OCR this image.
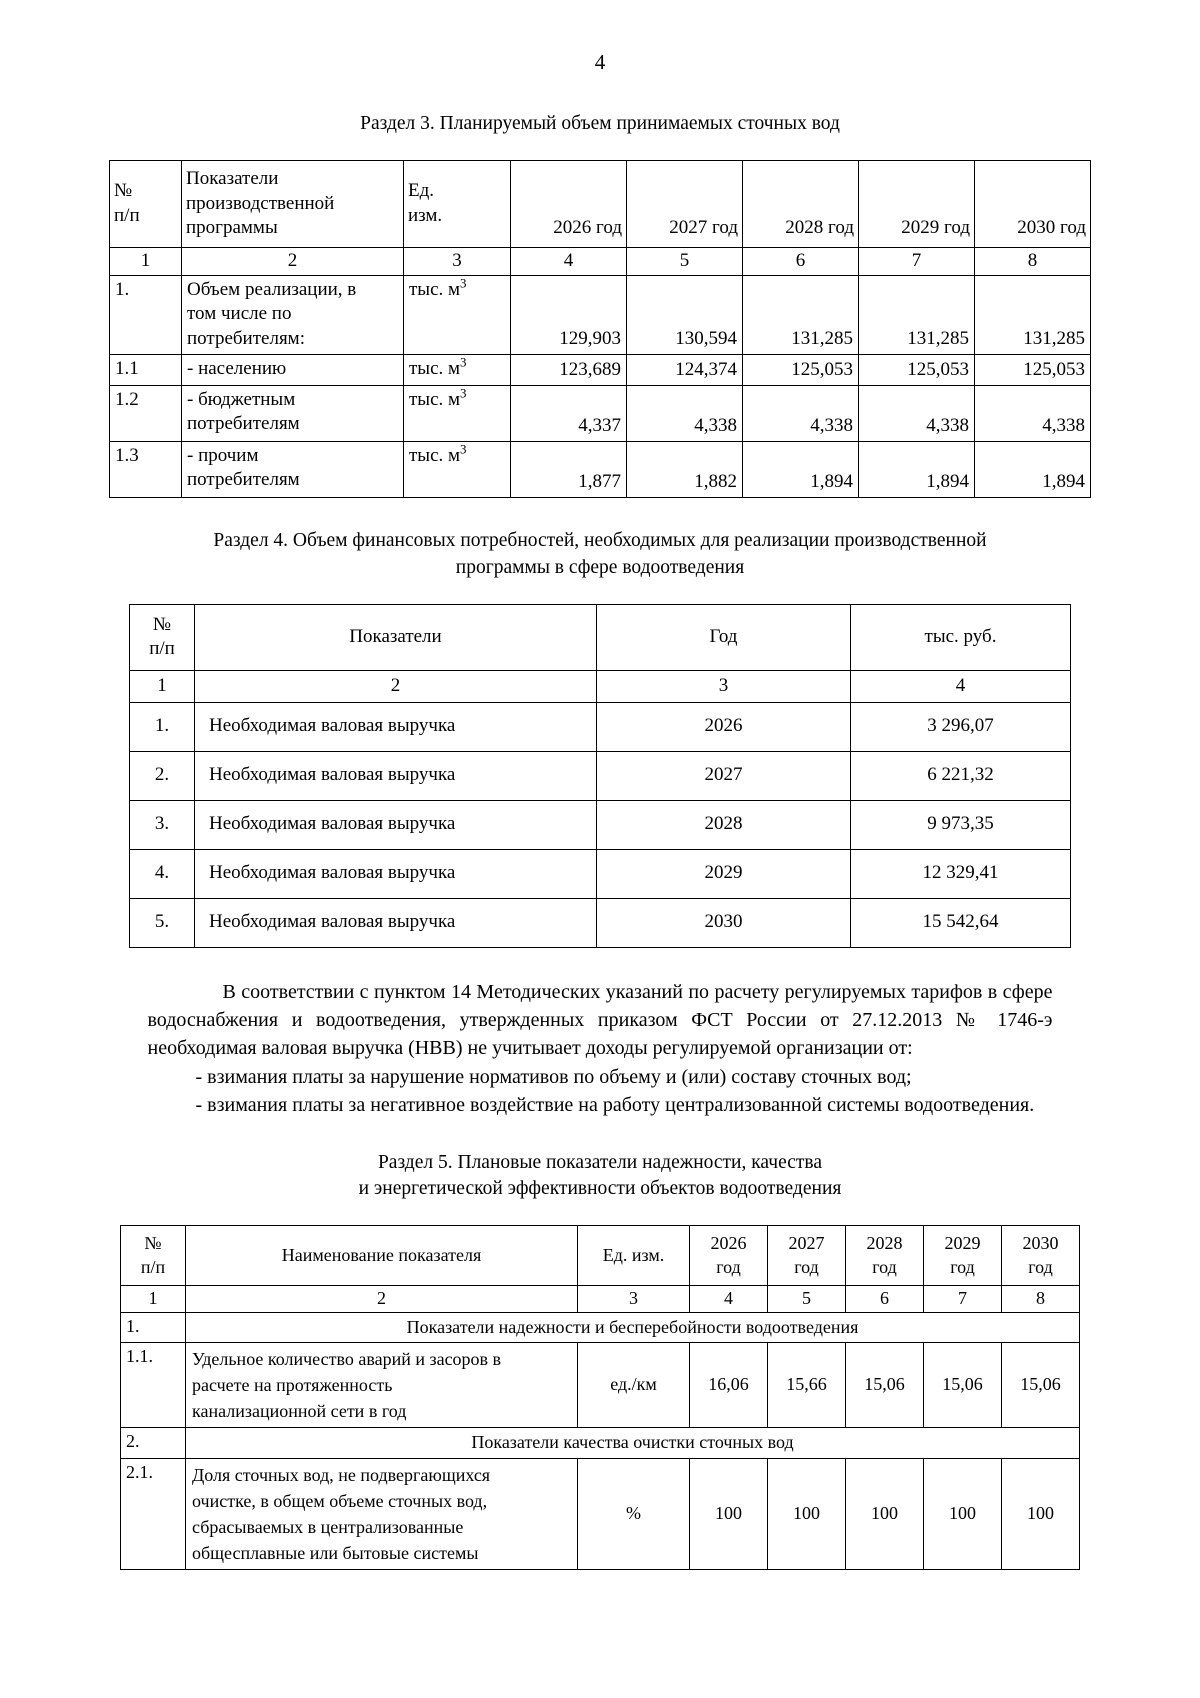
4
Раздел 3. Планируемый объем принимаемых сточных вод
№
п/п	Показатели
производственной
программы	Ед.
изм.	2026 год	2027 год	2028 год	2029 год	2030 год
1	2	3	4	5	6	7	8
1.	Объем реализации, в
том числе по
потребителям:	тыс. $м^3$	129,903	130,594	131,285	131,285	131,285
1.1	- населению	тыс. $м^3$	123,689	124,374	125,053	125,053	125,053
1.2	- бюджетным
потребителям	тыс. $м^3$	4,337	4,338	4,338	4,338	4,338
1.3	- прочим
потребителям	тыс. $м^3$	1,877	1,882	1,894	1,894	1,894
Раздел 4. Объем финансовых потребностей, необходимых для реализации производственной
программы в сфере водоотведения
№
п/п	Показатели	Год	тыс. руб.
1	2	3	4
1.	Необходимая валовая выручка	2026	3 296,07
2.	Необходимая валовая выручка	2027	6 221,32
3.	Необходимая валовая выручка	2028	9 973,35
4.	Необходимая валовая выручка	2029	12 329,41
5.	Необходимая валовая выручка	2030	15 542,64

В соответствии с пунктом 14 Методических указаний по расчету регулируемых тарифов в сфере водоснабжения и водоотведения, утвержденных приказом ФСТ России от 27.12.2013 № 1746-э необходимая валовая выручка (НВВ) не учитывает доходы регулируемой организации от:

- взимания платы за нарушение нормативов по объему и (или) составу сточных вод;

- взимания платы за негативное воздействие на работу централизованной системы водоотведения.

Раздел 5. Плановые показатели надежности, качества
и энергетической эффективности объектов водоотведения
№
п/п	Наименование показателя	Ед. изм.	2026
год	2027
год	2028
год	2029
год	2030
год
1	2	3	4	5	6	7	8
1.	Показатели надежности и бесперебойности водоотведения						
1.1.	Удельное количество аварий и засоров в
расчете на протяженность
канализационной сети в год	ед./км	16,06	15,66	15,06	15,06	15,06
2.	Показатели качества очистки сточных вод						
2.1.	Доля сточных вод, не подвергающихся
очистке, в общем объеме сточных вод,
сбрасываемых в централизованные
общесплавные или бытовые системы	%	100	100	100	100	100
